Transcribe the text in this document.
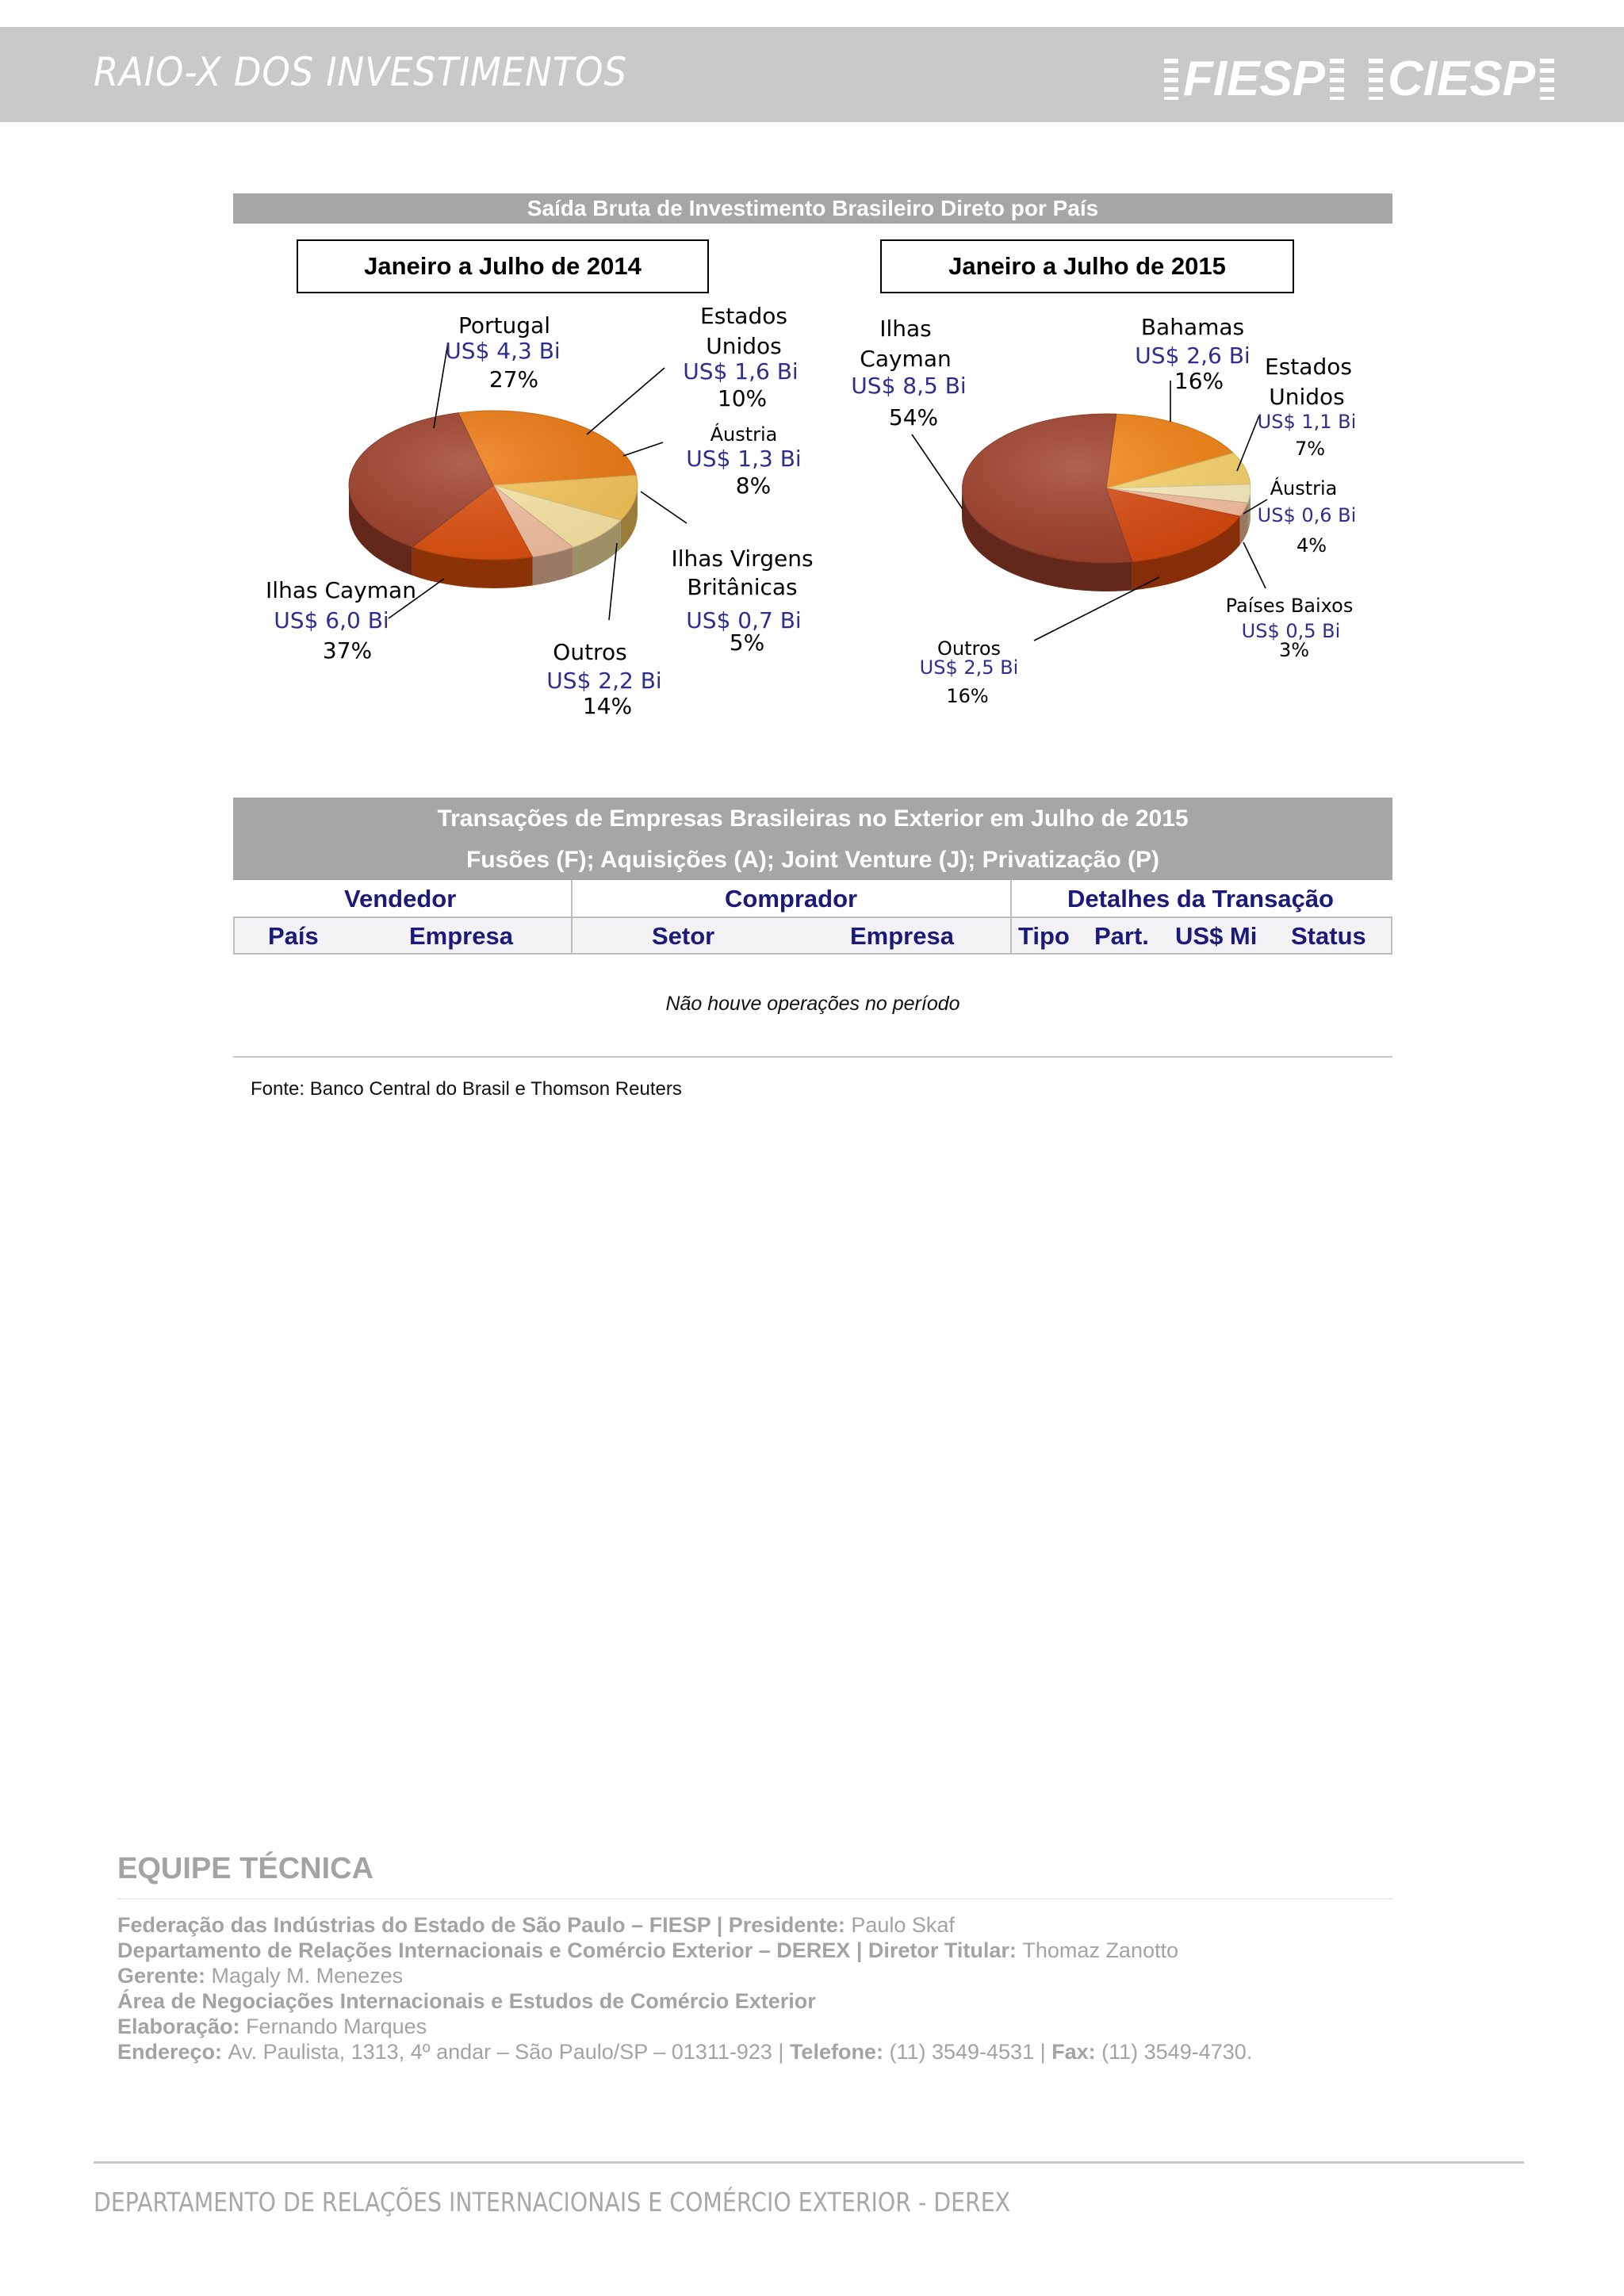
RAIO-X DOS INVESTIMENTOS	FIESP	CIESP
Saída Bruta de Investimento Brasileiro Direto por País
Janeiro a Julho de 2014	Janeiro a Julho de 2015
Portugal
US$ 4,3 Bi
27%
Estados
Unidos
US$ 1,6 Bi
10%
Áustria
US$ 1,3 Bi
8%
Ilhas Virgens
Britânicas
US$ 0,7 Bi
5%
Outros
US$ 2,2 Bi
14%
Ilhas Cayman
US$ 6,0 Bi
37%
Ilhas
Cayman
US$ 8,5 Bi
54%
Bahamas
US$ 2,6 Bi
16%
Estados
Unidos
US$ 1,1 Bi
7%
Áustria
US$ 0,6 Bi
4%
Países Baixos
US$ 0,5 Bi
3%
Outros
US$ 2,5 Bi
16%
Transações de Empresas Brasileiras no Exterior em Julho de 2015
Fusões (F); Aquisições (A); Joint Venture (J); Privatização (P)
Vendedor	Comprador	Detalhes da Transação
País	Empresa	Setor	Empresa	Tipo Part. US$ Mi Status
Não houve operações no período
Fonte: Banco Central do Brasil e Thomson Reuters
EQUIPE TÉCNICA
Federação das Indústrias do Estado de São Paulo – FIESP | Presidente: Paulo Skaf
Departamento de Relações Internacionais e Comércio Exterior – DEREX | Diretor Titular: Thomaz Zanotto
Gerente: Magaly M. Menezes
Área de Negociações Internacionais e Estudos de Comércio Exterior
Elaboração: Fernando Marques
Endereço: Av. Paulista, 1313, 4º andar – São Paulo/SP – 01311-923 | Telefone: (11) 3549-4531 | Fax: (11) 3549-4730.
DEPARTAMENTO DE RELAÇÕES INTERNACIONAIS E COMÉRCIO EXTERIOR - DEREX
